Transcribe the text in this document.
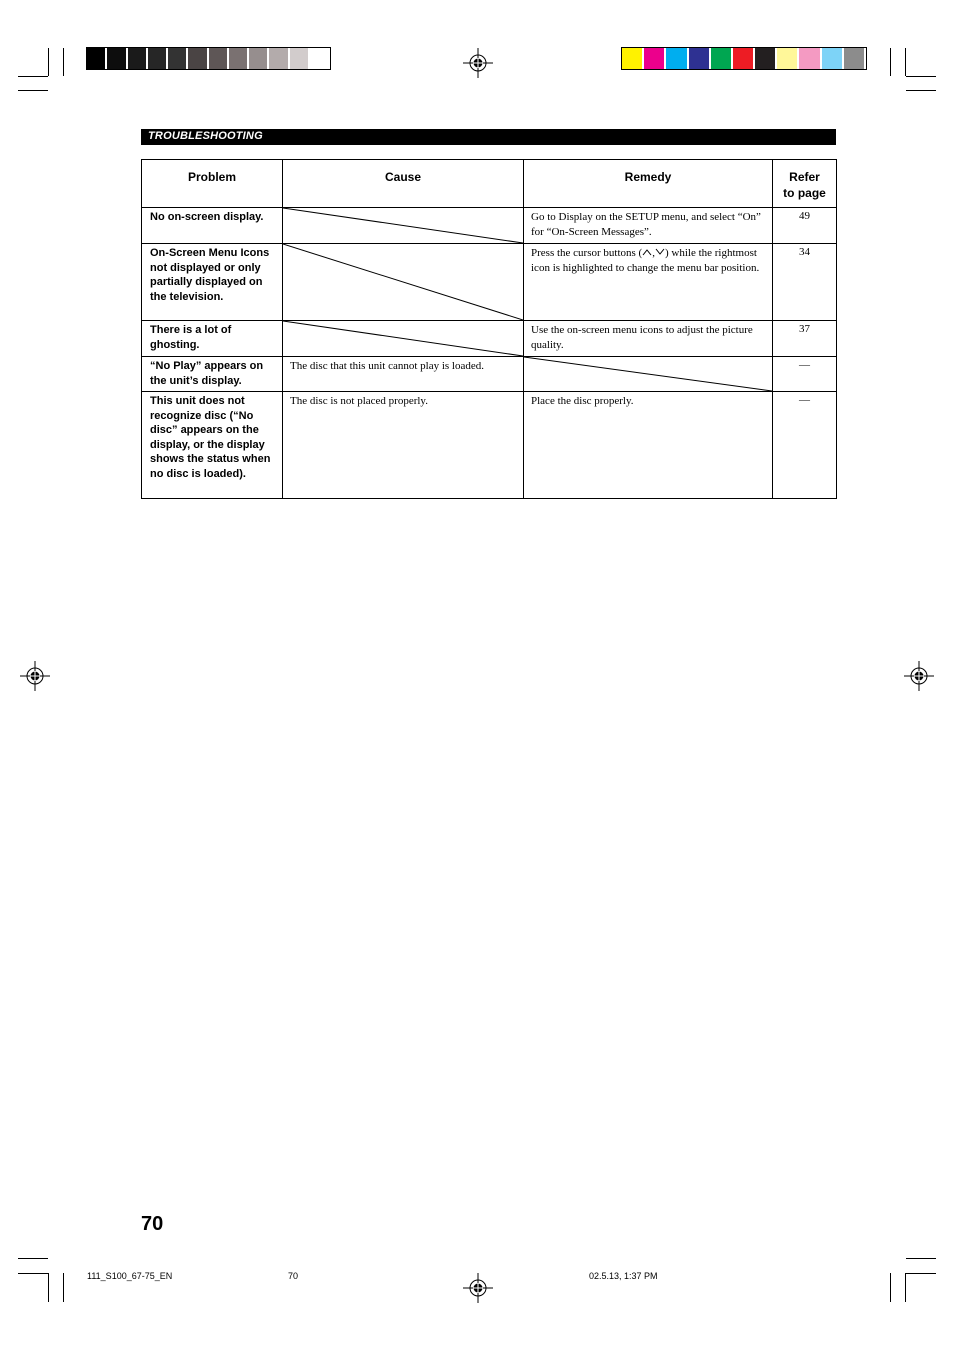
TROUBLESHOOTING
Problem	Cause	Remedy	Refer
to page

No on-screen display.		Go to Display on the SETUP menu, and select “On” for “On-Screen Messages”.	49

On-Screen Menu Icons not displayed or only partially displayed on the television.		Press the cursor buttons ( , ) while the rightmost icon is highlighted to change the menu bar position.	34

There is a lot of ghosting.		Use the on-screen menu icons to adjust the picture quality.	37

“No Play” appears on the unit’s display.	The disc that this unit cannot play is loaded.		—

This unit does not recognize disc (“No disc” appears on the display, or the display shows the status when no disc is loaded).	The disc is not placed properly.	Place the disc properly.	—
70
111_S100_67-75_EN	70	02.5.13, 1:37 PM
